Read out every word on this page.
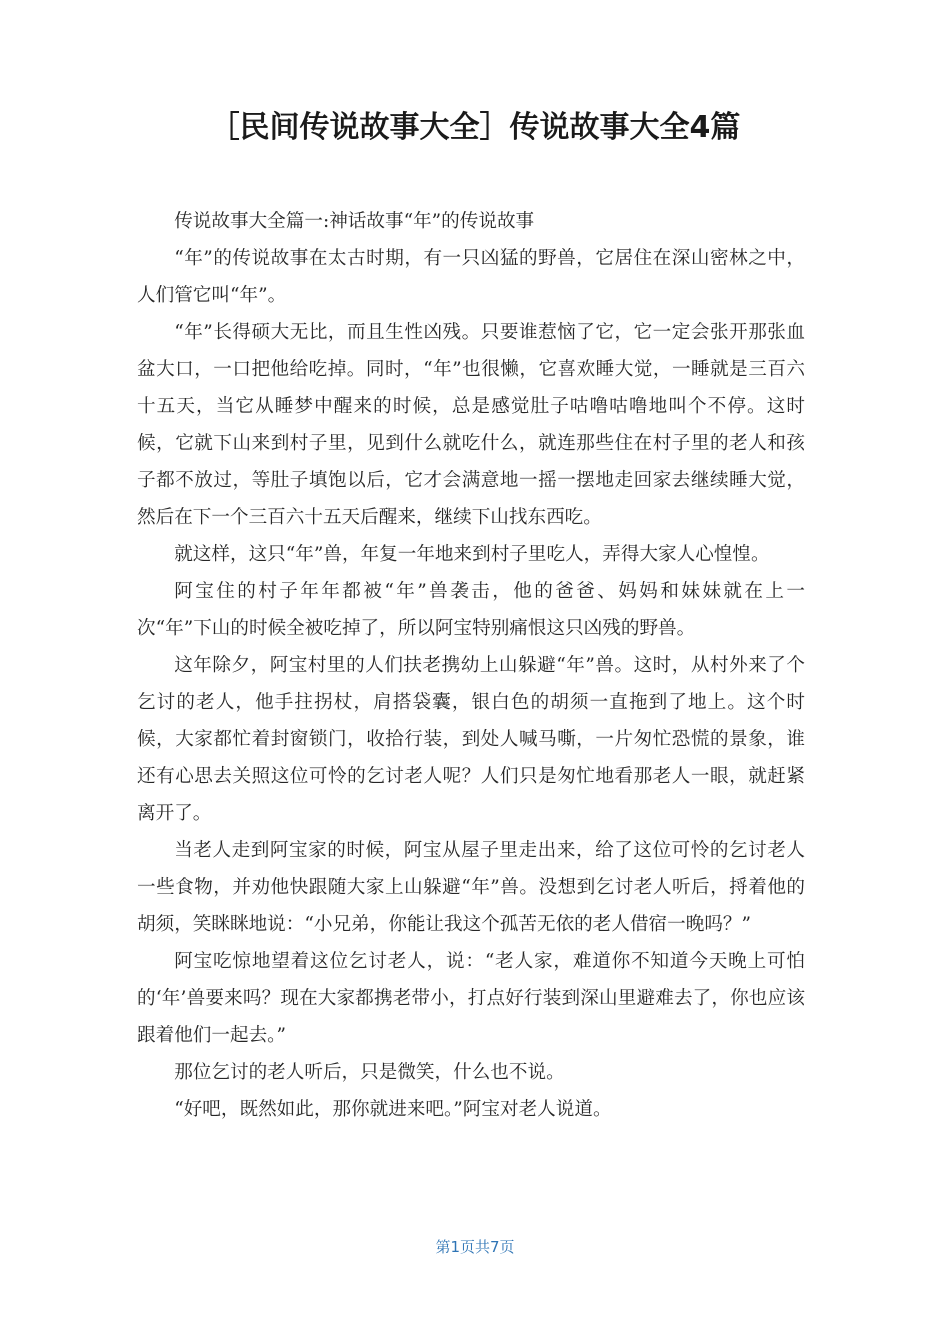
［民间传说故事大全］传说故事大全4篇

传说故事大全篇一:神话故事“年”的传说故事

“年”的传说故事在太古时期，有一只凶猛的野兽，它居住在深山密林之中，人们管它叫“年”。

“年”长得硕大无比，而且生性凶残。只要谁惹恼了它，它一定会张开那张血盆大口，一口把他给吃掉。同时，“年”也很懒，它喜欢睡大觉，一睡就是三百六十五天，当它从睡梦中醒来的时候，总是感觉肚子咕噜咕噜地叫个不停。这时候，它就下山来到村子里，见到什么就吃什么，就连那些住在村子里的老人和孩子都不放过，等肚子填饱以后，它才会满意地一摇一摆地走回家去继续睡大觉，然后在下一个三百六十五天后醒来，继续下山找东西吃。

就这样，这只“年”兽，年复一年地来到村子里吃人，弄得大家人心惶惶。

阿宝住的村子年年都被“年”兽袭击，他的爸爸、妈妈和妹妹就在上一次“年”下山的时候全被吃掉了，所以阿宝特别痛恨这只凶残的野兽。

这年除夕，阿宝村里的人们扶老携幼上山躲避“年”兽。这时，从村外来了个乞讨的老人，他手拄拐杖，肩搭袋囊，银白色的胡须一直拖到了地上。这个时候，大家都忙着封窗锁门，收拾行装，到处人喊马嘶，一片匆忙恐慌的景象，谁还有心思去关照这位可怜的乞讨老人呢？人们只是匆忙地看那老人一眼，就赶紧离开了。

当老人走到阿宝家的时候，阿宝从屋子里走出来，给了这位可怜的乞讨老人一些食物，并劝他快跟随大家上山躲避“年”兽。没想到乞讨老人听后，捋着他的胡须，笑眯眯地说：“小兄弟，你能让我这个孤苦无依的老人借宿一晚吗？”

阿宝吃惊地望着这位乞讨老人，说：“老人家，难道你不知道今天晚上可怕的‘年’兽要来吗？现在大家都携老带小，打点好行装到深山里避难去了，你也应该跟着他们一起去。”

那位乞讨的老人听后，只是微笑，什么也不说。

“好吧，既然如此，那你就进来吧。”阿宝对老人说道。

第1页共7页
